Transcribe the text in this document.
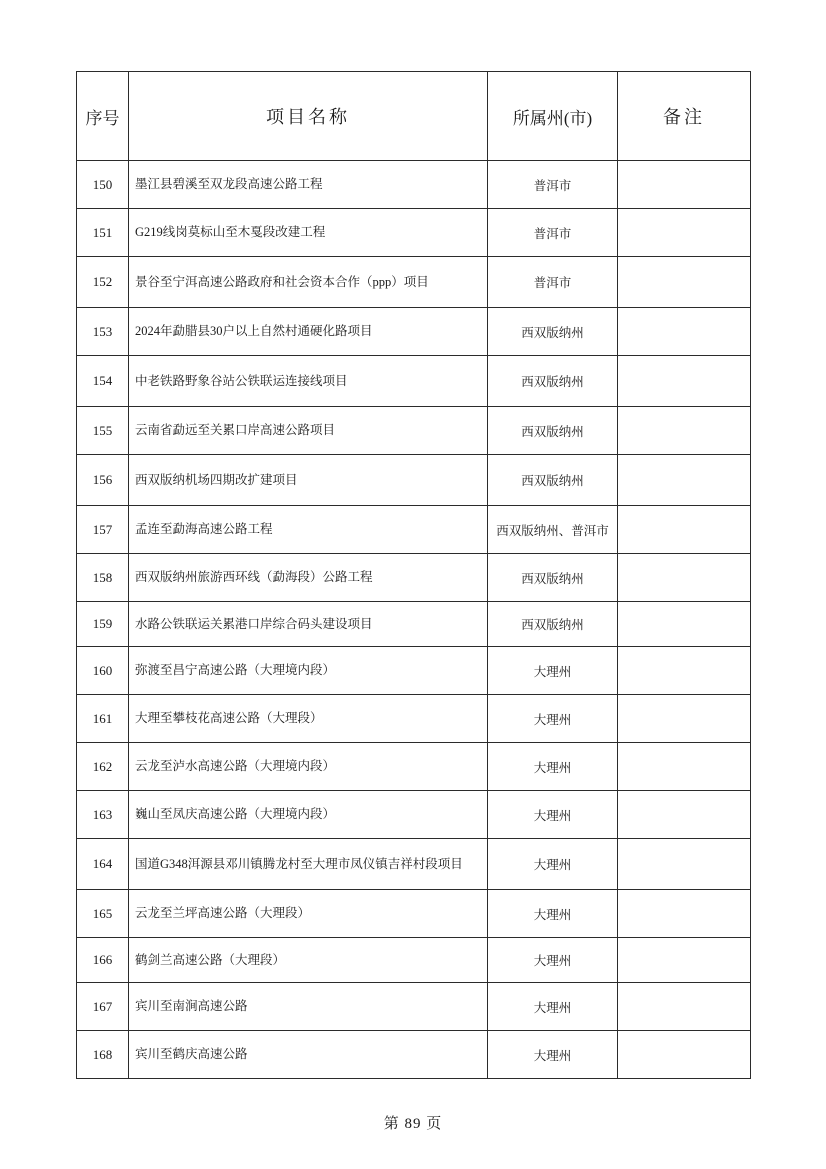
序号	项目名称	所属州(市)	备注
150	墨江县碧溪至双龙段高速公路工程	普洱市	
151	G219线岗莫标山至木戛段改建工程	普洱市	
152	景谷至宁洱高速公路政府和社会资本合作（ppp）项目	普洱市	
153	2024年勐腊县30户以上自然村通硬化路项目	西双版纳州	
154	中老铁路野象谷站公铁联运连接线项目	西双版纳州	
155	云南省勐远至关累口岸高速公路项目	西双版纳州	
156	西双版纳机场四期改扩建项目	西双版纳州	
157	孟连至勐海高速公路工程	西双版纳州、普洱市	
158	西双版纳州旅游西环线（勐海段）公路工程	西双版纳州	
159	水路公铁联运关累港口岸综合码头建设项目	西双版纳州	
160	弥渡至昌宁高速公路（大理境内段）	大理州	
161	大理至攀枝花高速公路（大理段）	大理州	
162	云龙至泸水高速公路（大理境内段）	大理州	
163	巍山至凤庆高速公路（大理境内段）	大理州	
164	国道G348洱源县邓川镇腾龙村至大理市凤仪镇吉祥村段项目	大理州	
165	云龙至兰坪高速公路（大理段）	大理州	
166	鹤剑兰高速公路（大理段）	大理州	
167	宾川至南涧高速公路	大理州	
168	宾川至鹤庆高速公路	大理州	
第 89 页
